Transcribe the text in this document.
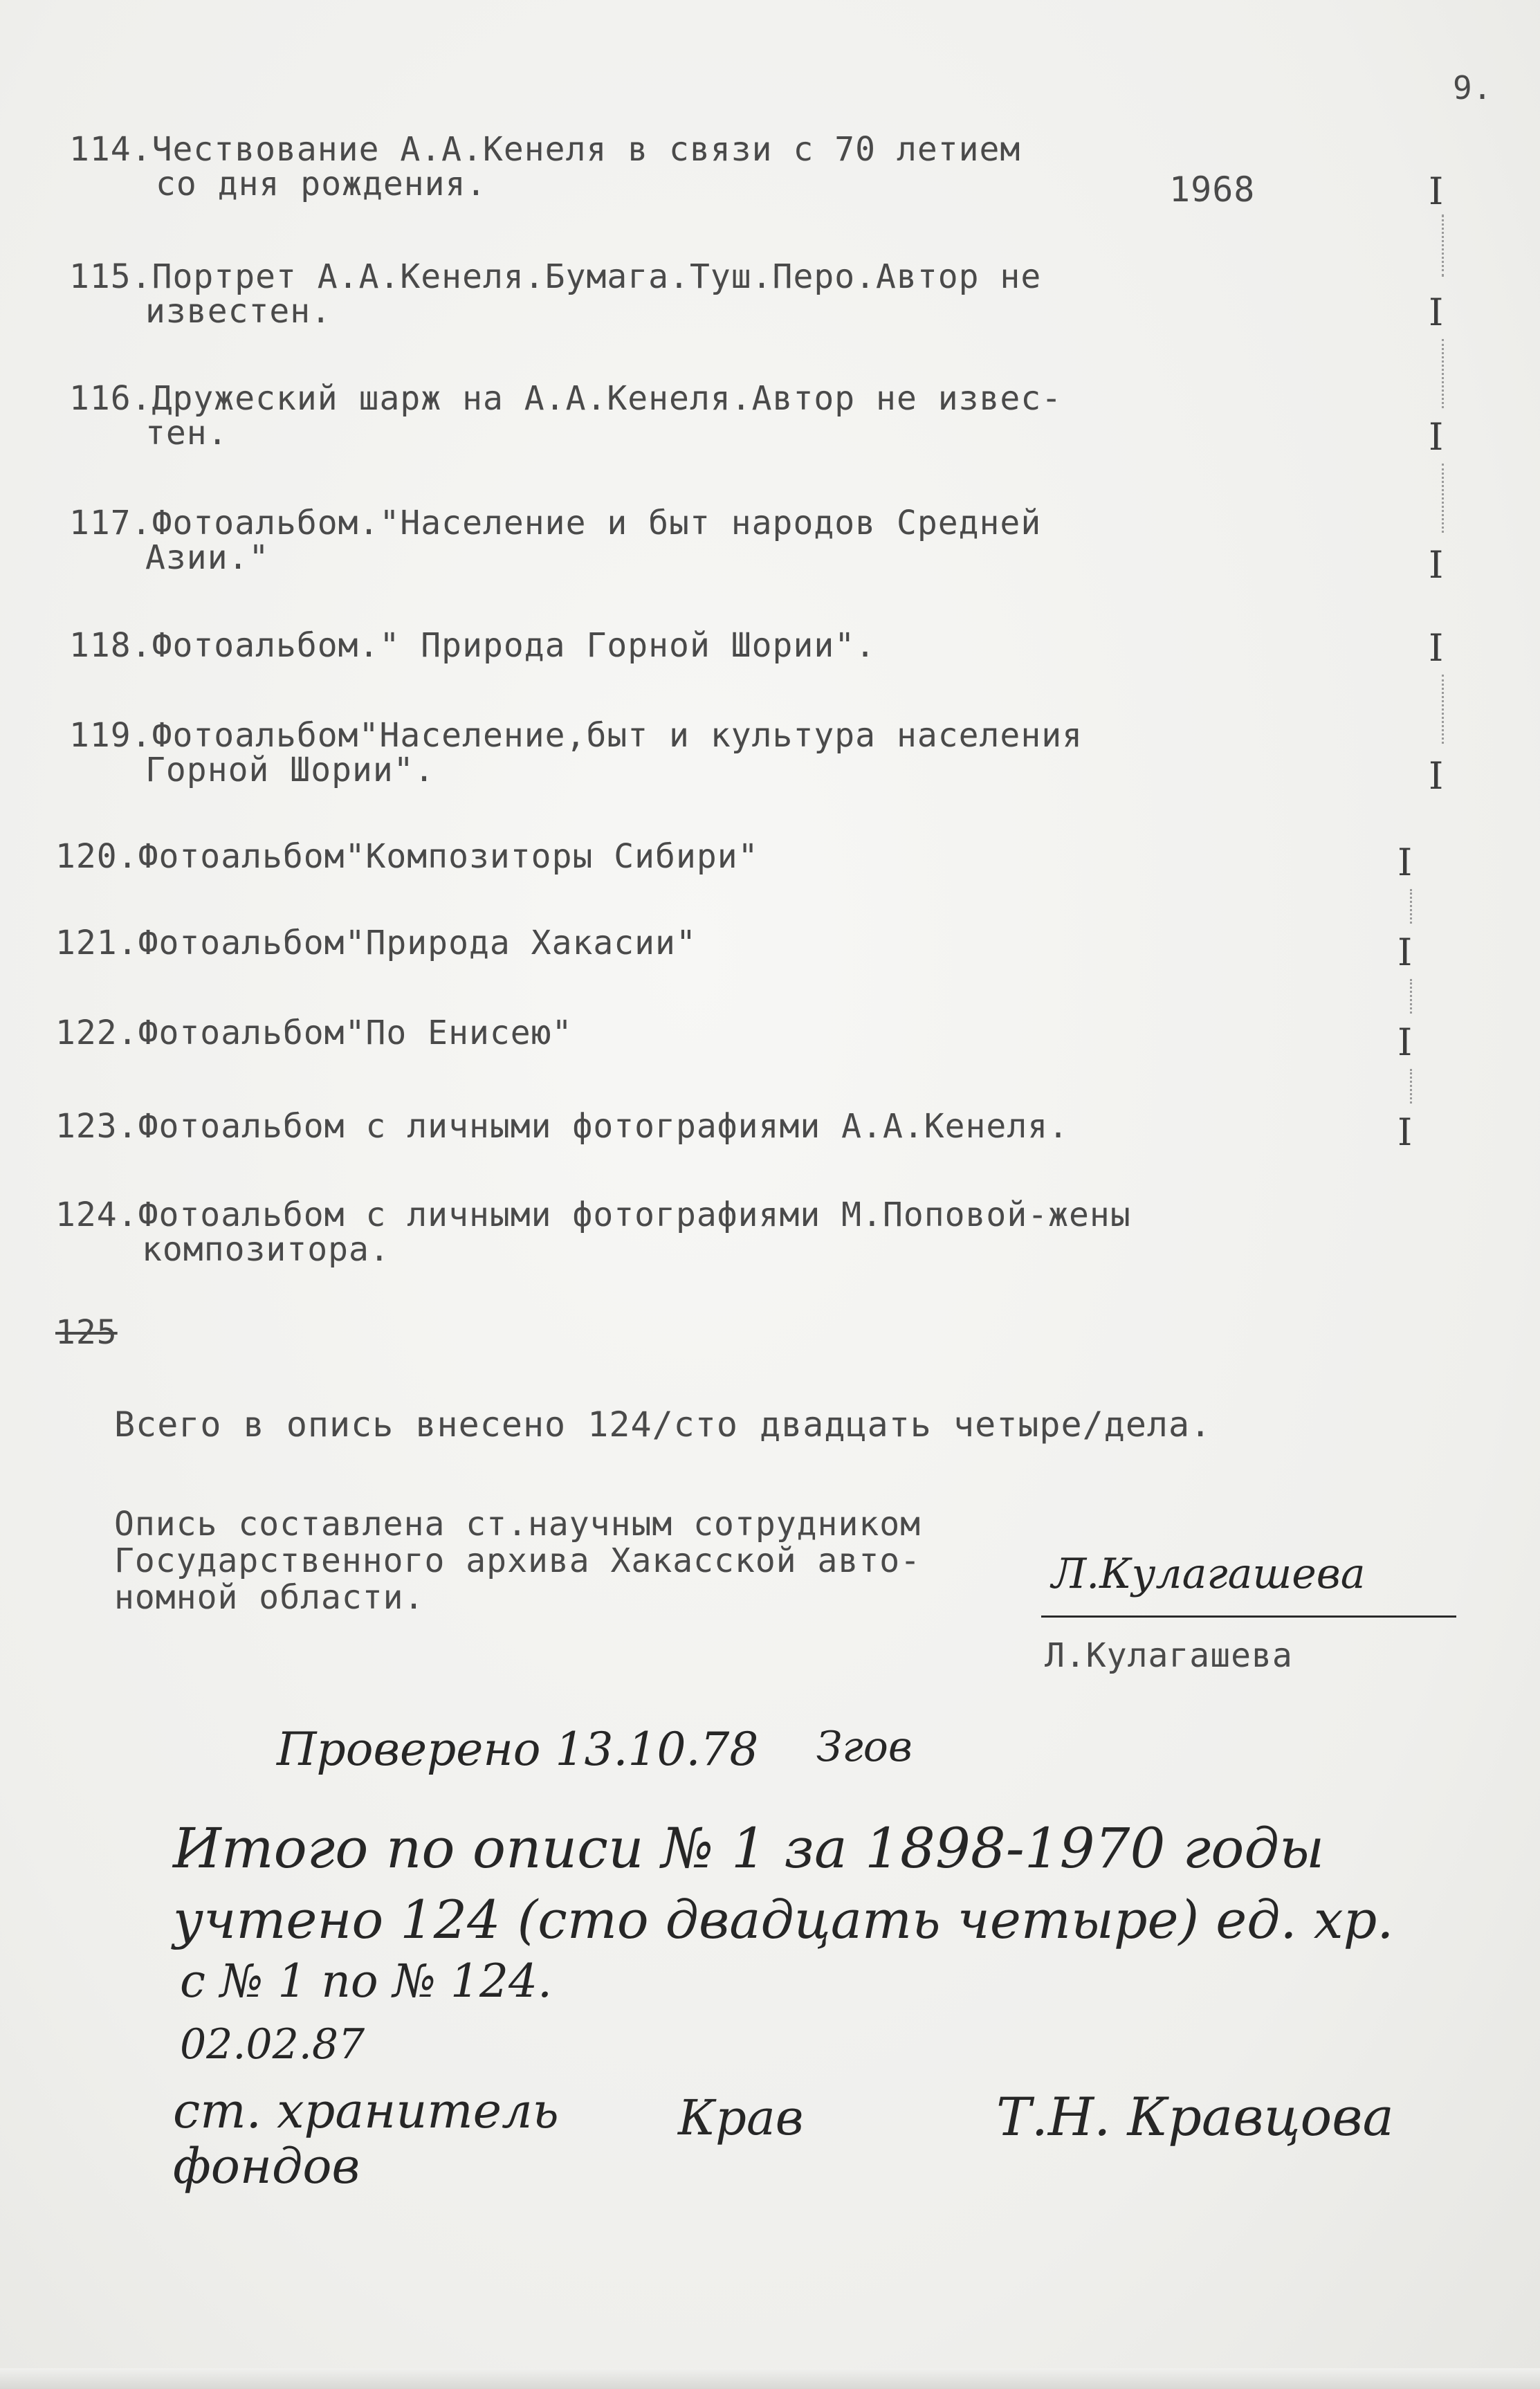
9.
114.Чествование А.А.Кенеля в связи с 70 летием
со дня рождения.	1968	I
115.Портрет А.А.Кенеля.Бумага.Туш.Перо.Автор не
известен.	I
116.Дружеский шарж на А.А.Кенеля.Автор не извес-
тен.	I
117.Фотоальбом."Население и быт народов Средней
Азии."	I
118.Фотоальбом." Природа Горной Шории".	I
119.Фотоальбом"Население,быт и культура населения
Горной Шории".	I
120.Фотоальбом"Композиторы Сибири"	I
121.Фотоальбом"Природа Хакасии"	I
122.Фотоальбом"По Енисею"	I
123.Фотоальбом с личными фотографиями А.А.Кенеля.	I
124.Фотоальбом с личными фотографиями М.Поповой-жены
композитора.
125
Всего в опись внесено 124/сто двадцать четыре/дела.
Опись составлена ст.научным сотрудником
Государственного архива Хакасской авто-
номной области.	Л.Кулагашева
Л.Кулагашева
Проверено 13.10.78 Згов
Итого по описи № 1 за 1898-1970 годы
учтено 124 (сто двадцать четыре) ед. хр.
с № 1 по № 124.
02.02.87
ст. хранитель
фондов
Крав	Т.Н. Кравцова
